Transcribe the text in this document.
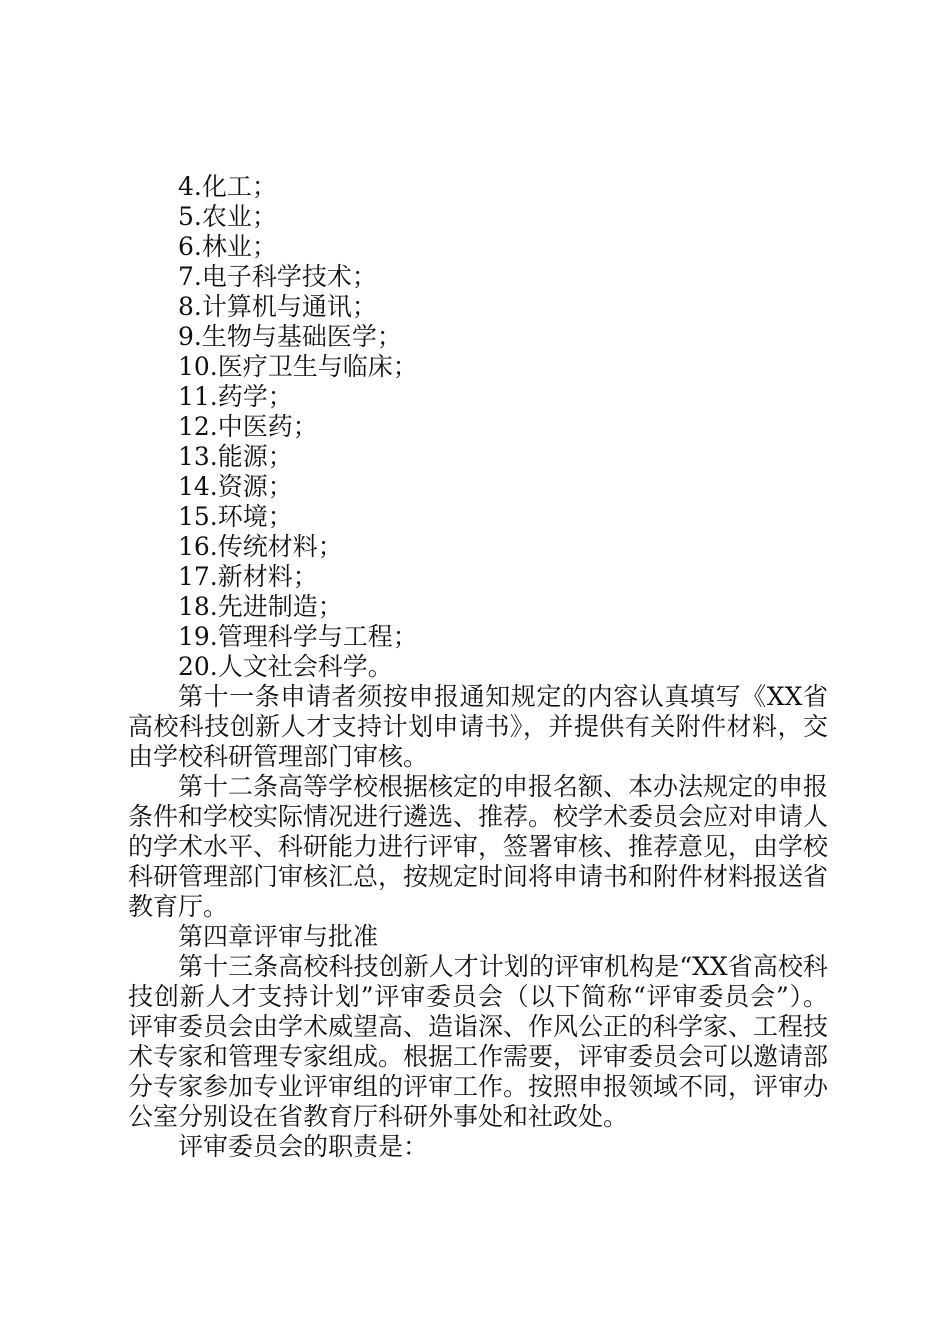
4.化工；
5.农业；
6.林业；
7.电子科学技术；
8.计算机与通讯；
9.生物与基础医学；
10.医疗卫生与临床；
11.药学；
12.中医药；
13.能源；
14.资源；
15.环境；
16.传统材料；
17.新材料；
18.先进制造；
19.管理科学与工程；
20.人文社会科学。

第十一条申请者须按申报通知规定的内容认真填写《XX省高校科技创新人才支持计划申请书》，并提供有关附件材料，交由学校科研管理部门审核。

第十二条高等学校根据核定的申报名额、本办法规定的申报条件和学校实际情况进行遴选、推荐。校学术委员会应对申请人的学术水平、科研能力进行评审，签署审核、推荐意见，由学校科研管理部门审核汇总，按规定时间将申请书和附件材料报送省教育厅。

第四章评审与批准

第十三条高校科技创新人才计划的评审机构是“XX省高校科技创新人才支持计划”评审委员会（以下简称“评审委员会”）。评审委员会由学术威望高、造诣深、作风公正的科学家、工程技术专家和管理专家组成。根据工作需要，评审委员会可以邀请部分专家参加专业评审组的评审工作。按照申报领域不同，评审办公室分别设在省教育厅科研外事处和社政处。

评审委员会的职责是：
